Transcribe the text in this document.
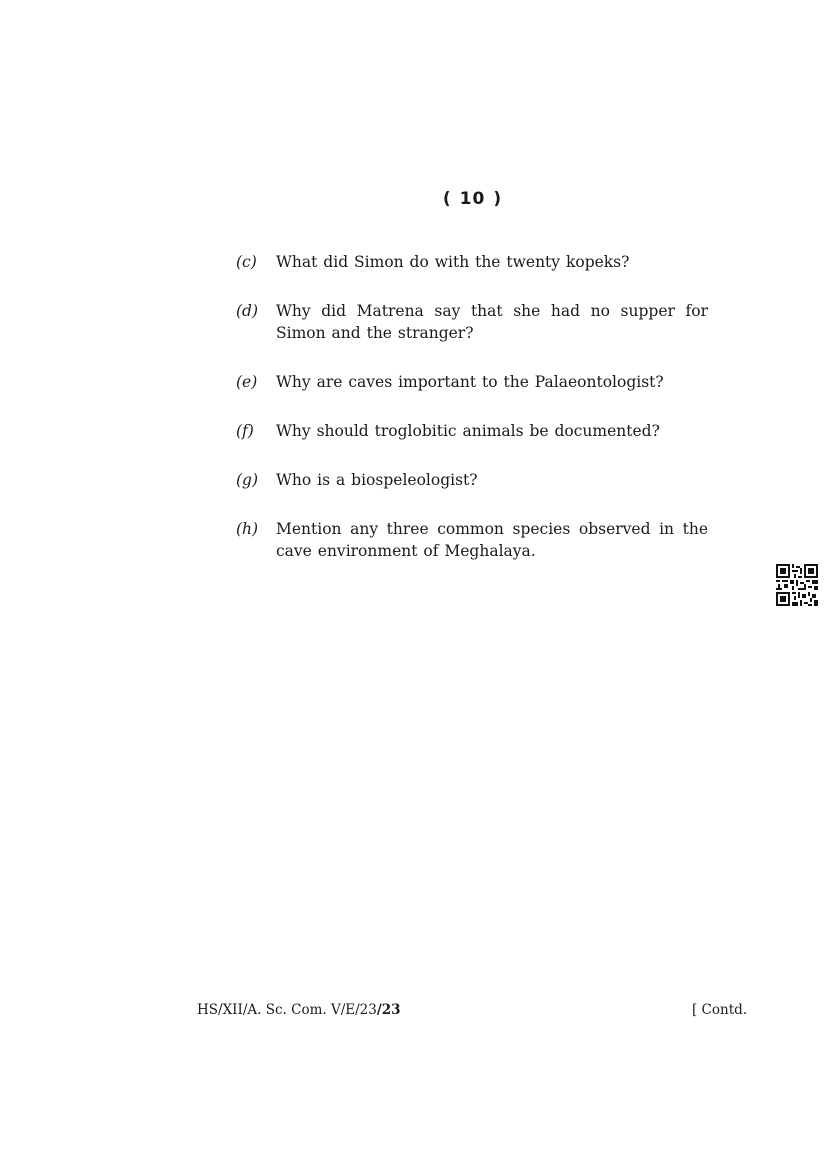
( 10 )
(c)	What did Simon do with the twenty kopeks?
(d)	Why did Matrena say that she had no supper for Simon and the stranger?
(e)	Why are caves important to the Palaeontologist?
(f)	Why should troglobitic animals be documented?
(g)	Who is a biospeleologist?
(h)	Mention any three common species observed in the cave environment of Meghalaya.
HS/XII/A. Sc. Com. V/E/23/23	[ Contd.
